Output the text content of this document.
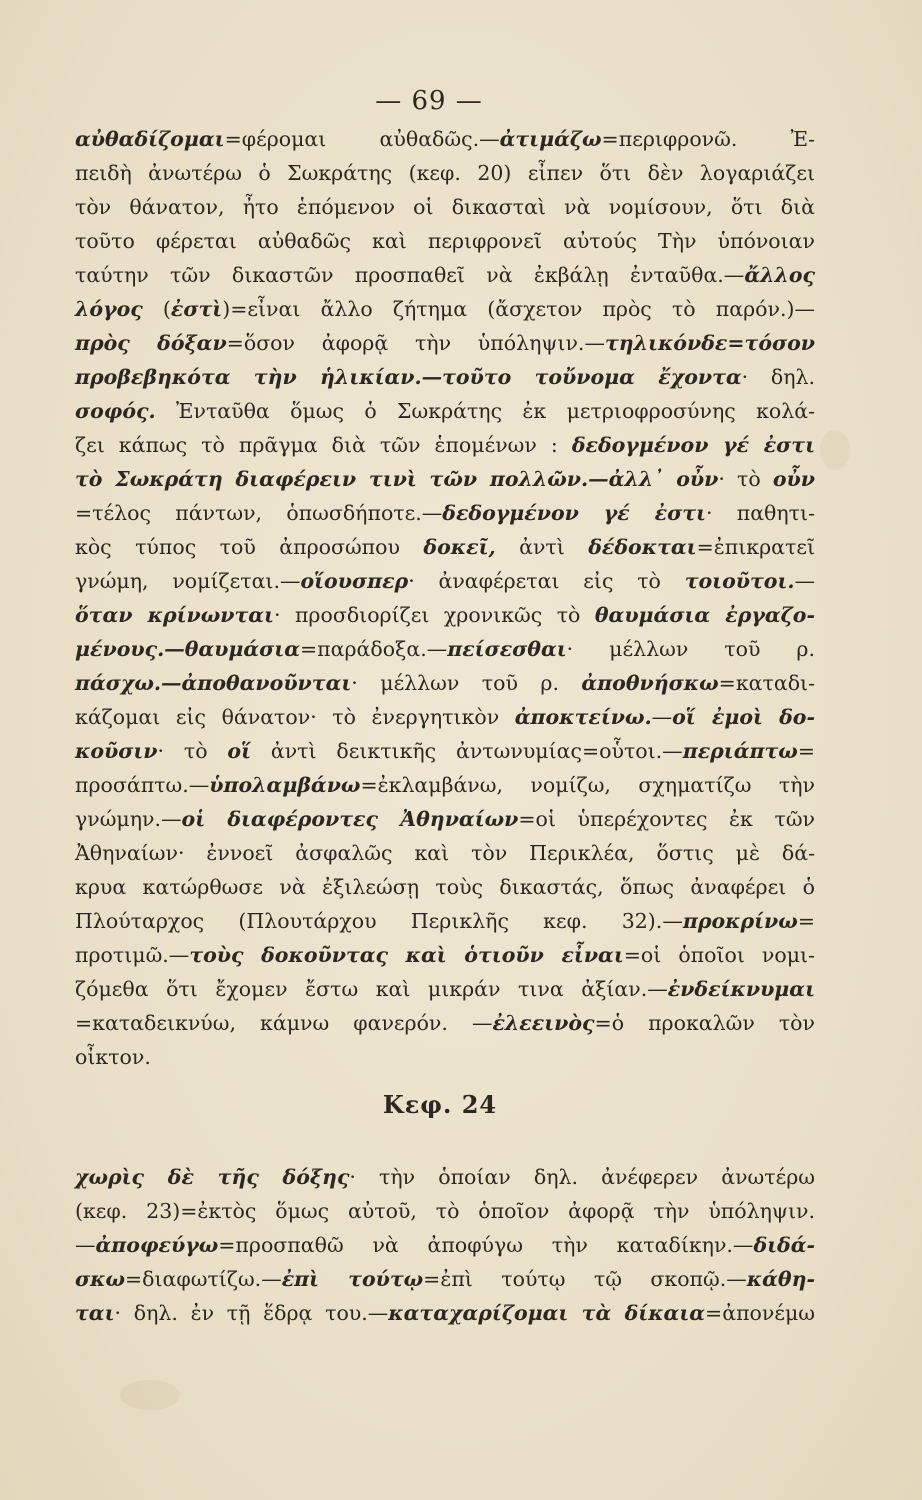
— 69 —
αὐθαδίζομαι=φέρομαι αὐθαδῶς.—ἀτιμάζω=περιφρονῶ. Ἐ-
πειδὴ ἀνωτέρω ὁ Σωκράτης (κεφ. 20) εἶπεν ὅτι δὲν λογαριάζει
τὸν θάνατον, ἦτο ἑπόμενον οἱ δικασταὶ νὰ νομίσουν, ὅτι διὰ
τοῦτο φέρεται αὐθαδῶς καὶ περιφρονεῖ αὐτούς Τὴν ὑπόνοιαν
ταύτην τῶν δικαστῶν προσπαθεῖ νὰ ἐκβάλῃ ἐνταῦθα.—ἄλλος
λόγος (ἐστὶ)=εἶναι ἄλλο ζήτημα (ἄσχετον πρὸς τὸ παρόν.)—
πρὸς δόξαν=ὅσον ἀφορᾷ τὴν ὑπόληψιν.—τηλικόνδε=τόσον
προβεβηκότα τὴν ἡλικίαν.—τοῦτο τοὔνομα ἔχοντα· δηλ.
σοφός. Ἐνταῦθα ὅμως ὁ Σωκράτης ἐκ μετριοφροσύνης κολά-
ζει κάπως τὸ πρᾶγμα διὰ τῶν ἑπομένων : δεδογμένον γέ ἐστι
τὸ Σωκράτη διαφέρειν τινὶ τῶν πολλῶν.—ἀλλ᾽ οὖν· τὸ οὖν
=τέλος πάντων, ὁπωσδήποτε.—δεδογμένον γέ ἐστι· παθητι-
κὸς τύπος τοῦ ἀπροσώπου δοκεῖ, ἀντὶ δέδοκται=ἐπικρατεῖ
γνώμη, νομίζεται.—οἵουσπερ· ἀναφέρεται εἰς τὸ τοιοῦτοι.—
ὅταν κρίνωνται· προσδιορίζει χρονικῶς τὸ θαυμάσια ἐργαζο-
μένους.—θαυμάσια=παράδοξα.—πείσεσθαι· μέλλων τοῦ ρ.
πάσχω.—ἀποθανοῦνται· μέλλων τοῦ ρ. ἀποθνήσκω=καταδι-
κάζομαι εἰς θάνατον· τὸ ἐνεργητικὸν ἀποκτείνω.—οἵ ἐμοὶ δο-
κοῦσιν· τὸ οἵ ἀντὶ δεικτικῆς ἀντωνυμίας=οὗτοι.—περιάπτω=
προσάπτω.—ὑπολαμβάνω=ἐκλαμβάνω, νομίζω, σχηματίζω τὴν
γνώμην.—οἱ διαφέροντες Ἀθηναίων=οἱ ὑπερέχοντες ἐκ τῶν
Ἀθηναίων· ἐννοεῖ ἀσφαλῶς καὶ τὸν Περικλέα, ὅστις μὲ δά-
κρυα κατώρθωσε νὰ ἐξιλεώσῃ τοὺς δικαστάς, ὅπως ἀναφέρει ὁ
Πλούταρχος (Πλουτάρχου Περικλῆς κεφ. 32).—προκρίνω=
προτιμῶ.—τοὺς δοκοῦντας καὶ ὁτιοῦν εἶναι=οἱ ὁποῖοι νομι-
ζόμεθα ὅτι ἔχομεν ἔστω καὶ μικράν τινα ἀξίαν.—ἐνδείκνυμαι
=καταδεικνύω, κάμνω φανερόν. —ἐλεεινὸς=ὁ προκαλῶν τὸν
οἶκτον.
Κεφ. 24
χωρὶς δὲ τῆς δόξης· τὴν ὁποίαν δηλ. ἀνέφερεν ἀνωτέρω
(κεφ. 23)=ἐκτὸς ὅμως αὐτοῦ, τὸ ὁποῖον ἀφορᾷ τὴν ὑπόληψιν.
—ἀποφεύγω=προσπαθῶ νὰ ἀποφύγω τὴν καταδίκην.—διδά-
σκω=διαφωτίζω.—ἐπὶ τούτῳ=ἐπὶ τούτῳ τῷ σκοπῷ.—κάθη-
ται· δηλ. ἐν τῇ ἕδρᾳ του.—καταχαρίζομαι τὰ δίκαια=ἀπονέμω
